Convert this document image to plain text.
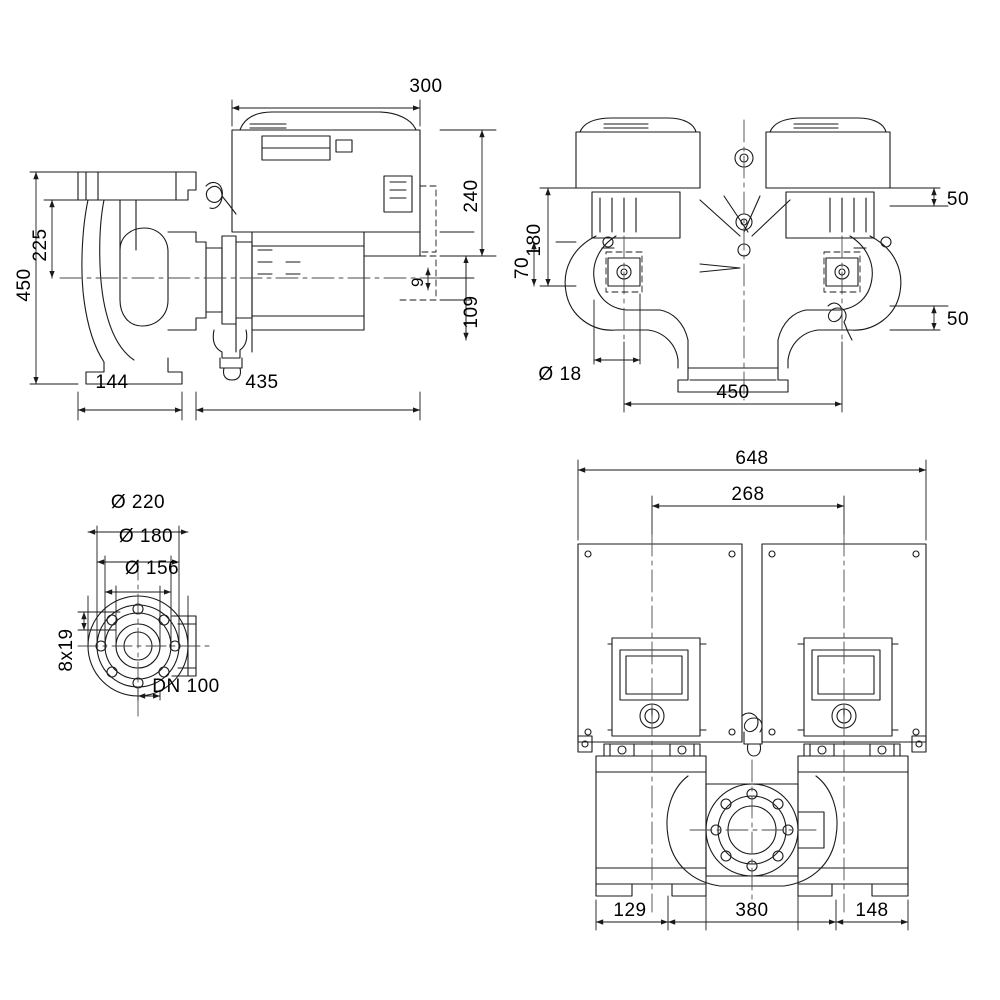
450
225
300
240
109
9
144	435
180
70
50
50
Ø 18
450
Ø 220
Ø 180
Ø 156
8x19
DN 100
648
268
129	380	148
